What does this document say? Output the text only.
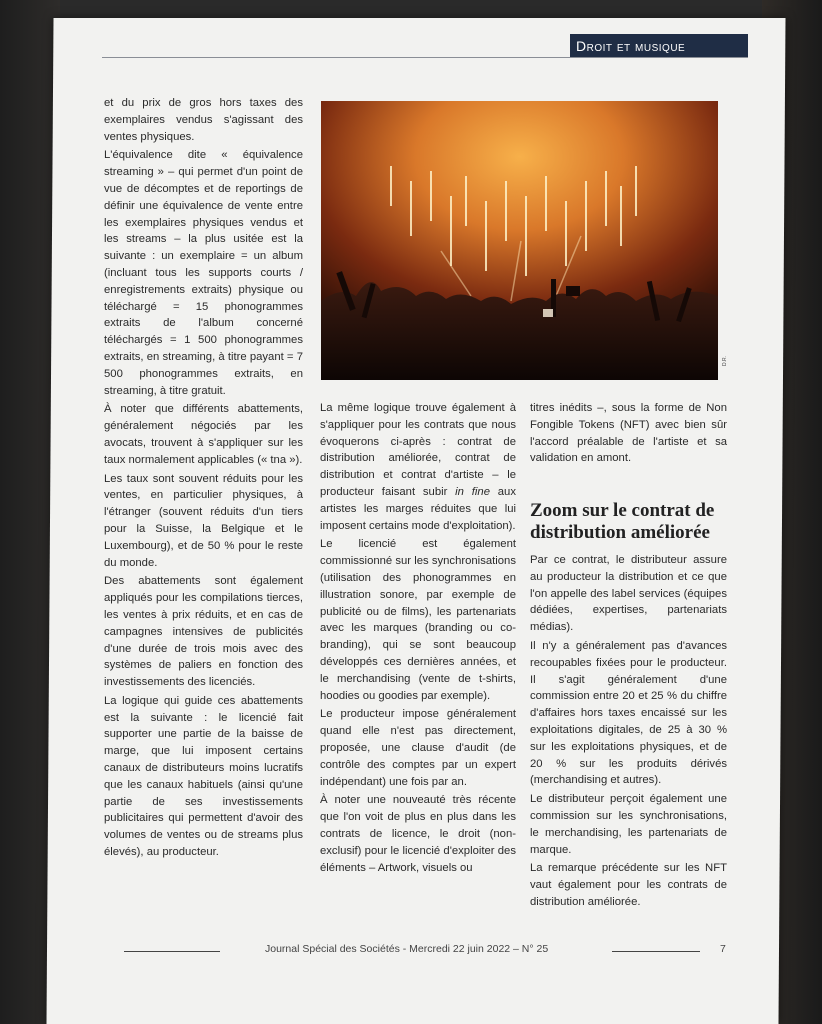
Droit et musique

et du prix de gros hors taxes des exemplaires vendus s'agissant des ventes physiques.

L'équivalence dite « équivalence streaming » – qui permet d'un point de vue de décomptes et de reportings de définir une équivalence de vente entre les exemplaires physiques vendus et les streams – la plus usitée est la suivante : un exemplaire = un album (incluant tous les supports courts / enregistrements extraits) physique ou téléchargé = 15 phonogrammes extraits de l'album concerné téléchargés = 1 500 phonogrammes extraits, en streaming, à titre payant = 7 500 phonogrammes extraits, en streaming, à titre gratuit.

À noter que différents abattements, généralement négociés par les avocats, trouvent à s'appliquer sur les taux normalement applicables (« tna »).

Les taux sont souvent réduits pour les ventes, en particulier physiques, à l'étranger (souvent réduits d'un tiers pour la Suisse, la Belgique et le Luxembourg), et de 50 % pour le reste du monde.

Des abattements sont également appliqués pour les compilations tierces, les ventes à prix réduits, et en cas de campagnes intensives de publicités d'une durée de trois mois avec des systèmes de paliers en fonction des investissements des licenciés.

La logique qui guide ces abattements est la suivante : le licencié fait supporter une partie de la baisse de marge, que lui imposent certains canaux de distributeurs moins lucratifs que les canaux habituels (ainsi qu'une partie de ses investissements publicitaires qui permettent d'avoir des volumes de ventes ou de streams plus élevés), au producteur.

D.R.

La même logique trouve également à s'appliquer pour les contrats que nous évoquerons ci-après : contrat de distribution améliorée, contrat de distribution et contrat d'artiste – le producteur faisant subir in fine aux artistes les marges réduites que lui imposent certains mode d'exploitation).

Le licencié est également commissionné sur les synchronisations (utilisation des phonogrammes en illustration sonore, par exemple de publicité ou de films), les partenariats avec les marques (branding ou co-branding), qui se sont beaucoup développés ces dernières années, et le merchandising (vente de t-shirts, hoodies ou goodies par exemple).

Le producteur impose généralement quand elle n'est pas directement, proposée, une clause d'audit (de contrôle des comptes par un expert indépendant) une fois par an.

À noter une nouveauté très récente que l'on voit de plus en plus dans les contrats de licence, le droit (non-exclusif) pour le licencié d'exploiter des éléments – Artwork, visuels ou

titres inédits –, sous la forme de Non Fongible Tokens (NFT) avec bien sûr l'accord préalable de l'artiste et sa validation en amont.

Zoom sur le contrat de distribution améliorée

Par ce contrat, le distributeur assure au producteur la distribution et ce que l'on appelle des label services (équipes dédiées, expertises, partenariats médias).

Il n'y a généralement pas d'avances recoupables fixées pour le producteur. Il s'agit généralement d'une commission entre 20 et 25 % du chiffre d'affaires hors taxes encaissé sur les exploitations digitales, de 25 à 30 % sur les exploitations physiques, et de 20 % sur les produits dérivés (merchandising et autres).

Le distributeur perçoit également une commission sur les synchronisations, le merchandising, les partenariats de marque.

La remarque précédente sur les NFT vaut également pour les contrats de distribution améliorée.

Journal Spécial des Sociétés - Mercredi 22 juin 2022 – N° 25	7
